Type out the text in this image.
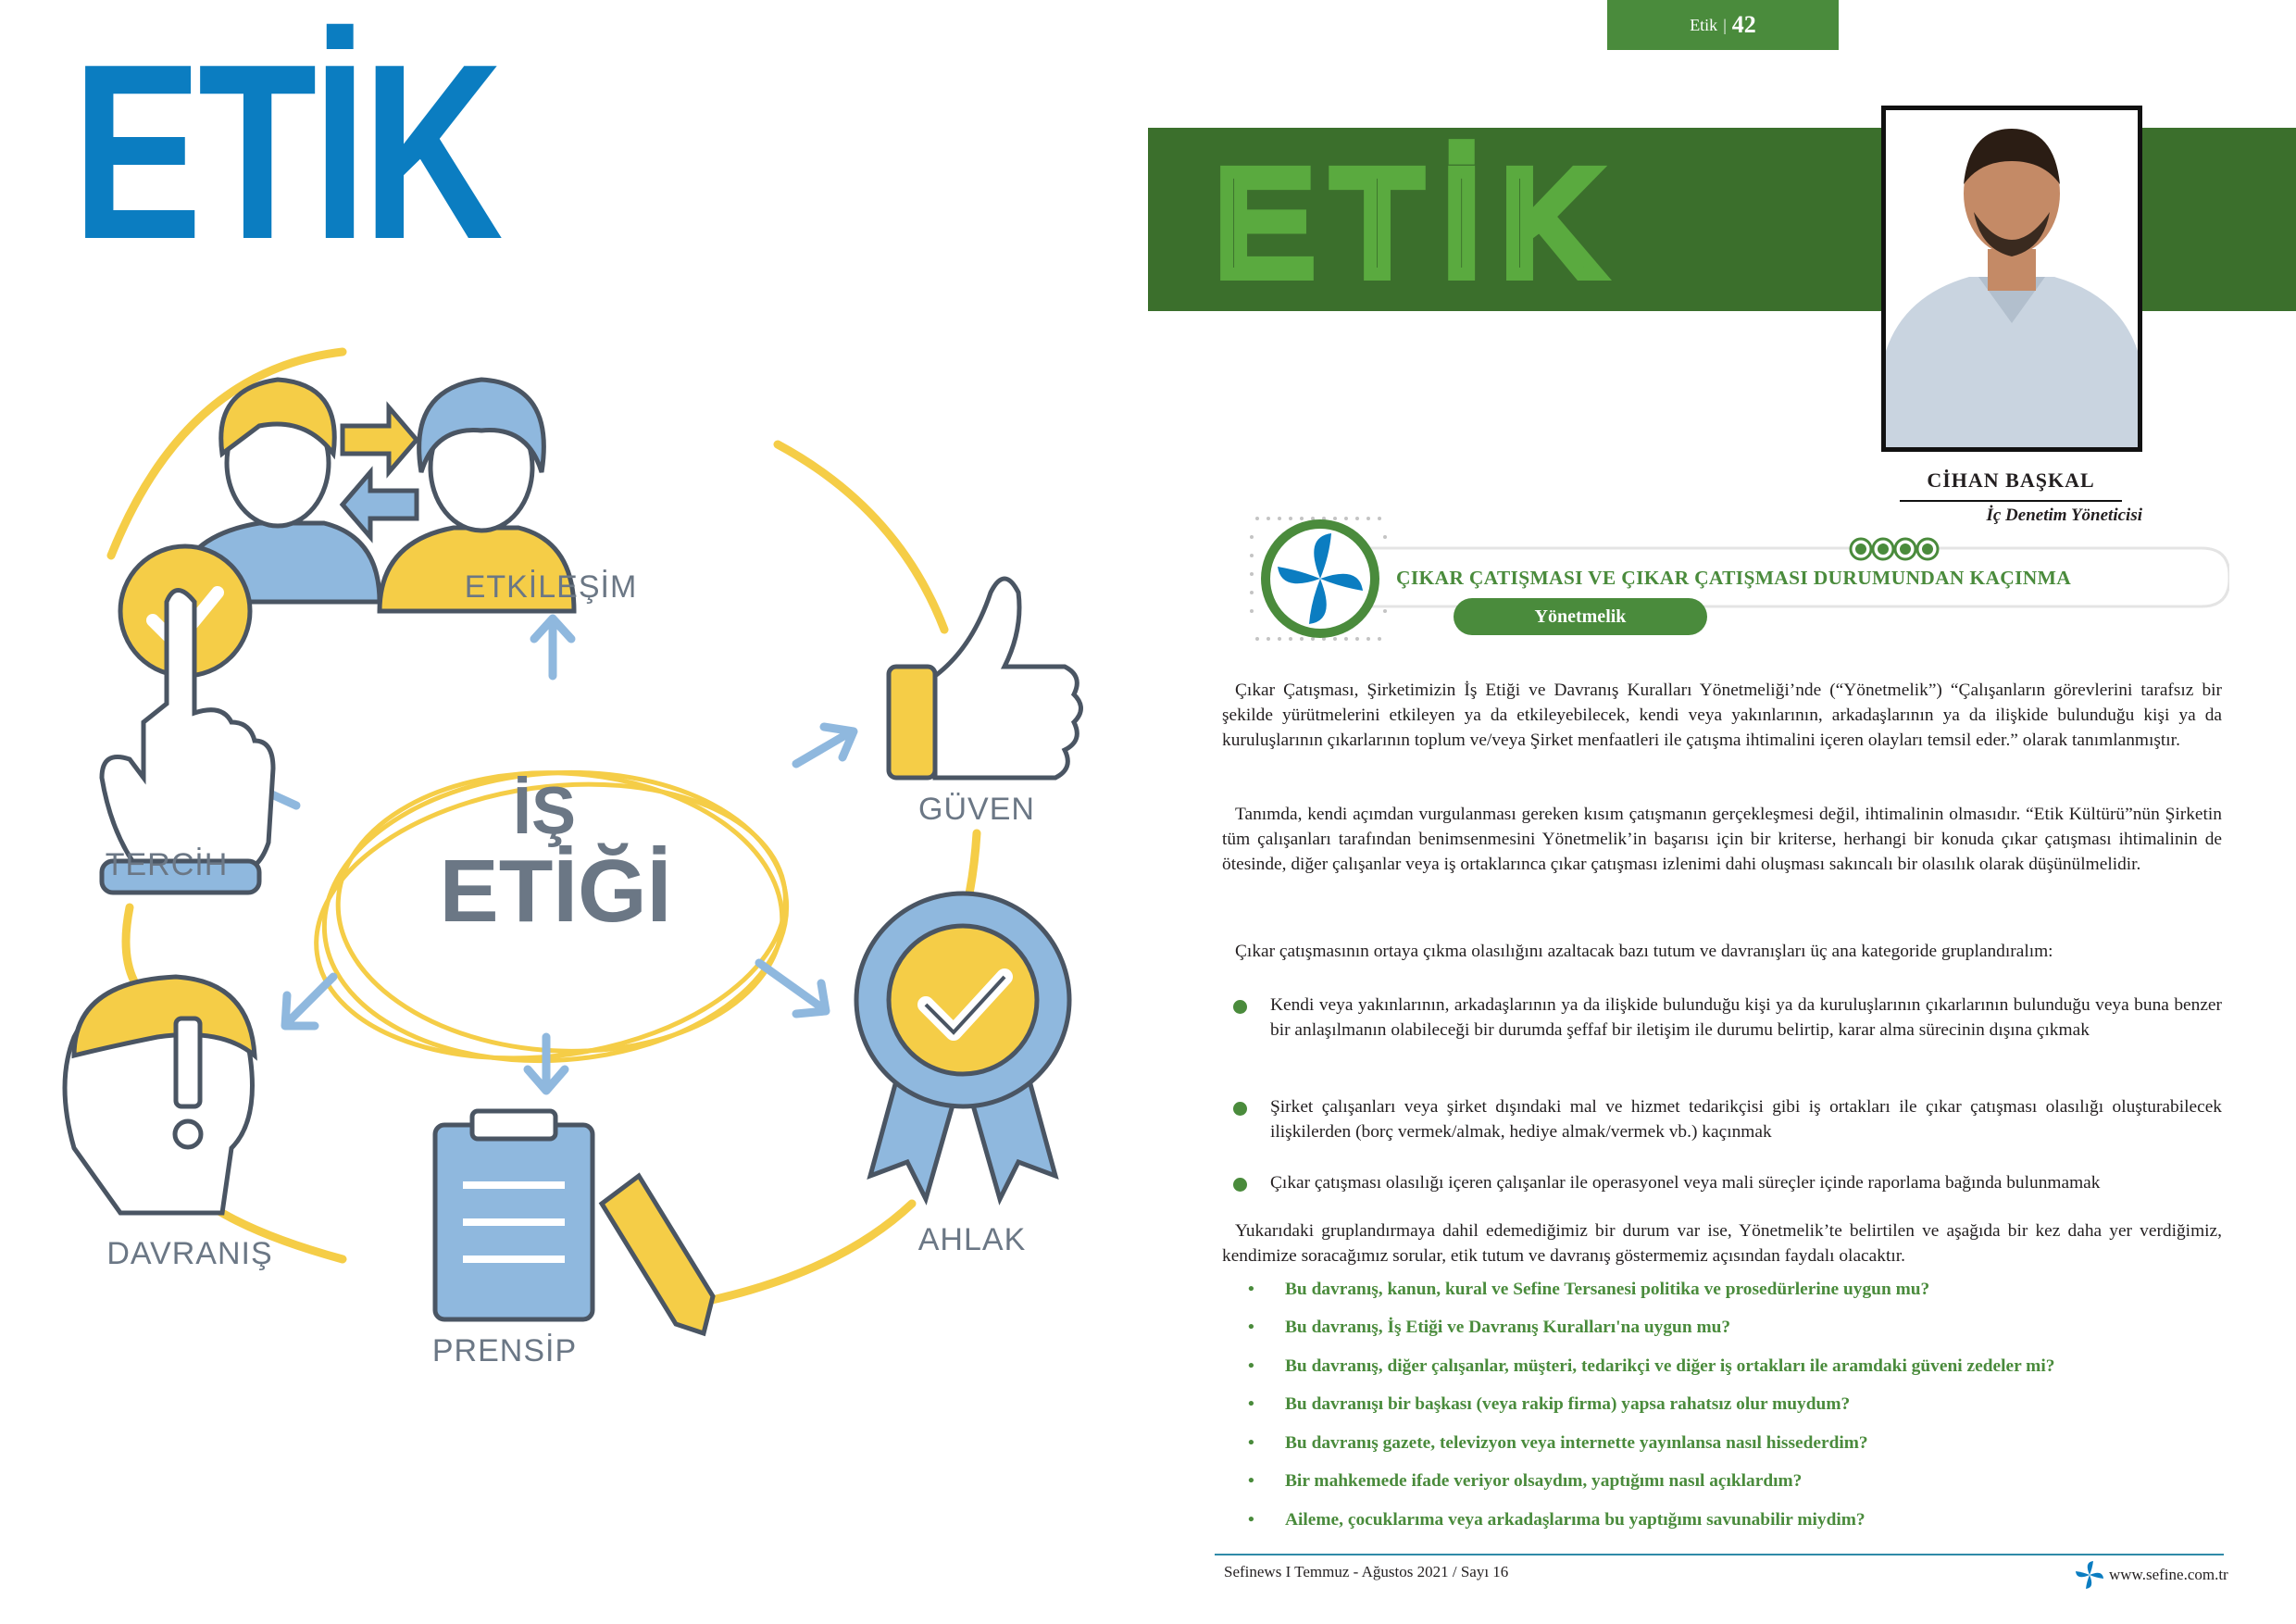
ETİK
İŞ
ETİĞİ
ETKİLEŞİM
GÜVEN
AHLAK
PRENSİP
DAVRANIŞ
TERCİH
Etik | 42
ETİK
CİHAN BAŞKAL
İç Denetim Yöneticisi
ÇIKAR ÇATIŞMASI VE ÇIKAR ÇATIŞMASI DURUMUNDAN KAÇINMA
Yönetmelik
Çıkar Çatışması, Şirketimizin İş Etiği ve Davranış Kuralları Yönetmeliği’nde (“Yönetmelik”) “Çalışanların görevlerini tarafsız bir şekilde yürütmelerini etkileyen ya da etkileyebilecek, kendi veya yakınlarının, arkadaşlarının ya da ilişkide bulunduğu kişi ya da kuruluşlarının çıkarlarının toplum ve/veya Şirket menfaatleri ile çatışma ihtimalini içeren olayları temsil eder.” olarak tanımlanmıştır.
Tanımda, kendi açımdan vurgulanması gereken kısım çatışmanın gerçekleşmesi değil, ihtimalinin olmasıdır. “Etik Kültürü”nün Şirketin tüm çalışanları tarafından benimsenmesini Yönetmelik’in başarısı için bir kriterse, herhangi bir konuda çıkar çatışması ihtimalinin de ötesinde, diğer çalışanlar veya iş ortaklarınca çıkar çatışması izlenimi dahi oluşması sakıncalı bir olasılık olarak düşünülmelidir.
Çıkar çatışmasının ortaya çıkma olasılığını azaltacak bazı tutum ve davranışları üç ana kategoride gruplandıralım:
Kendi veya yakınlarının, arkadaşlarının ya da ilişkide bulunduğu kişi ya da kuruluşlarının çıkarlarının bulunduğu veya buna benzer bir anlaşılmanın olabileceği bir durumda şeffaf bir iletişim ile durumu belirtip, karar alma sürecinin dışına çıkmak
Şirket çalışanları veya şirket dışındaki mal ve hizmet tedarikçisi gibi iş ortakları ile çıkar çatışması olasılığı oluşturabilecek ilişkilerden (borç vermek/almak, hediye almak/vermek vb.) kaçınmak
Çıkar çatışması olasılığı içeren çalışanlar ile operasyonel veya mali süreçler içinde raporlama bağında bulunmamak
Yukarıdaki gruplandırmaya dahil edemediğimiz bir durum var ise, Yönetmelik’te belirtilen ve aşağıda bir kez daha yer verdiğimiz, kendimize soracağımız sorular, etik tutum ve davranış göstermemiz açısından faydalı olacaktır.
• Bu davranış, kanun, kural ve Sefine Tersanesi politika ve prosedürlerine uygun mu?
• Bu davranış, İş Etiği ve Davranış Kuralları'na uygun mu?
• Bu davranış, diğer çalışanlar, müşteri, tedarikçi ve diğer iş ortakları ile aramdaki güveni zedeler mi?
• Bu davranışı bir başkası (veya rakip firma) yapsa rahatsız olur muydum?
• Bu davranış gazete, televizyon veya internette yayınlansa nasıl hissederdim?
• Bir mahkemede ifade veriyor olsaydım, yaptığımı nasıl açıklardım?
• Aileme, çocuklarıma veya arkadaşlarıma bu yaptığımı savunabilir miydim?
Sefinews I Temmuz - Ağustos 2021 / Sayı 16	www.sefine.com.tr
